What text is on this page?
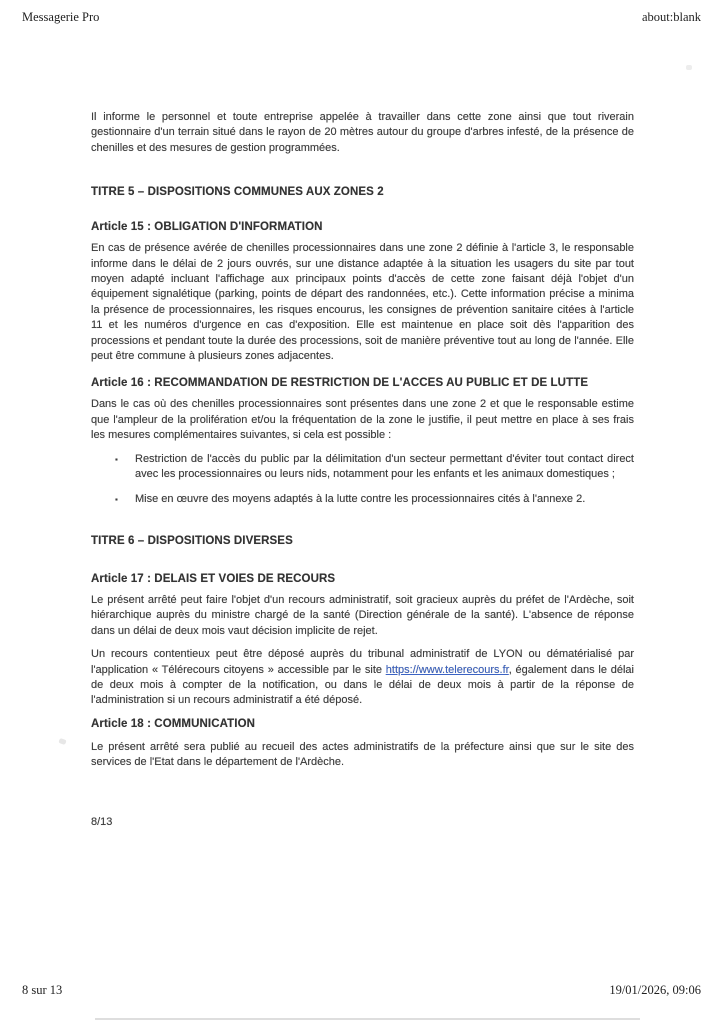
Messagerie Pro	about:blank

Il informe le personnel et toute entreprise appelée à travailler dans cette zone ainsi que tout riverain gestionnaire d'un terrain situé dans le rayon de 20 mètres autour du groupe d'arbres infesté, de la présence de chenilles et des mesures de gestion programmées.

TITRE 5 – DISPOSITIONS COMMUNES AUX ZONES 2

Article 15 : OBLIGATION D'INFORMATION

En cas de présence avérée de chenilles processionnaires dans une zone 2 définie à l'article 3, le responsable informe dans le délai de 2 jours ouvrés, sur une distance adaptée à la situation les usagers du site par tout moyen adapté incluant l'affichage aux principaux points d'accès de cette zone faisant déjà l'objet d'un équipement signalétique (parking, points de départ des randonnées, etc.). Cette information précise a minima la présence de processionnaires, les risques encourus, les consignes de prévention sanitaire citées à l'article 11 et les numéros d'urgence en cas d'exposition. Elle est maintenue en place soit dès l'apparition des processions et pendant toute la durée des processions, soit de manière préventive tout au long de l'année. Elle peut être commune à plusieurs zones adjacentes.

Article 16 : RECOMMANDATION DE RESTRICTION DE L'ACCES AU PUBLIC ET DE LUTTE

Dans le cas où des chenilles processionnaires sont présentes dans une zone 2 et que le responsable estime que l'ampleur de la prolifération et/ou la fréquentation de la zone le justifie, il peut mettre en place à ses frais les mesures complémentaires suivantes, si cela est possible :

▪	Restriction de l'accès du public par la délimitation d'un secteur permettant d'éviter tout contact direct avec les processionnaires ou leurs nids, notamment pour les enfants et les animaux domestiques ;
▪	Mise en œuvre des moyens adaptés à la lutte contre les processionnaires cités à l'annexe 2.

TITRE 6 – DISPOSITIONS DIVERSES

Article 17 : DELAIS ET VOIES DE RECOURS

Le présent arrêté peut faire l'objet d'un recours administratif, soit gracieux auprès du préfet de l'Ardèche, soit hiérarchique auprès du ministre chargé de la santé (Direction générale de la santé). L'absence de réponse dans un délai de deux mois vaut décision implicite de rejet.

Un recours contentieux peut être déposé auprès du tribunal administratif de LYON ou dématérialisé par l'application « Télérecours citoyens » accessible par le site https://www.telerecours.fr, également dans le délai de deux mois à compter de la notification, ou dans le délai de deux mois à partir de la réponse de l'administration si un recours administratif a été déposé.

Article 18 : COMMUNICATION

Le présent arrêté sera publié au recueil des actes administratifs de la préfecture ainsi que sur le site des services de l'Etat dans le département de l'Ardèche.

8/13

8 sur 13	19/01/2026, 09:06
